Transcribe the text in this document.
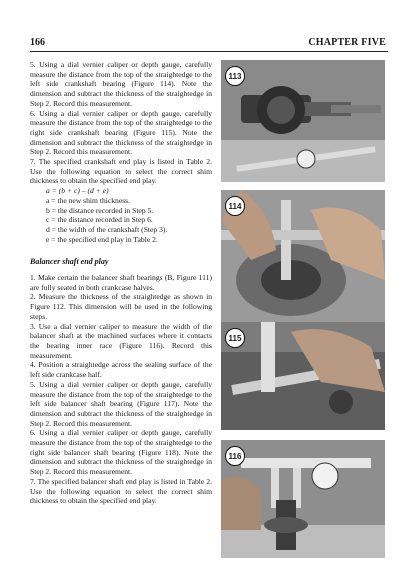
166	CHAPTER FIVE

5. Using a dial vernier caliper or depth gauge, carefully measure the distance from the top of the straightedge to the left side crankshaft bearing (Figure 114). Note the dimension and subtract the thickness of the straightedge in Step 2. Record this measurement.

6. Using a dial vernier caliper or depth gauge, carefully measure the distance from the top of the straightedge to the right side crankshaft bearing (Figure 115). Note the dimension and subtract the thickness of the straightedge in Step 2. Record this measurement.

7. The specified crankshaft end play is listed in Table 2. Use the following equation to select the correct shim thickness to obtain the specified end play.

a = (b + c) – (d + e)

a = the new shim thickness.

b = the distance recorded in Step 5.

c = the distance recorded in Step 6.

d = the width of the crankshaft (Step 3).

e = the specified end play in Table 2.

Balancer shaft end play

1. Make certain the balancer shaft bearings (B, Figure 111) are fully seated in both crankcase halves.

2. Measure the thickness of the straightedge as shown in Figure 112. This dimension will be used in the following steps.

3. Use a dial vernier caliper to measure the width of the balancer shaft at the machined surfaces where it contacts the bearing inner race (Figure 116). Record this measurement.

4. Position a straightedge across the sealing surface of the left side crankcase half.

5. Using a dial vernier caliper or depth gauge, carefully measure the distance from the top of the straightedge to the left side balancer shaft bearing (Figure 117). Note the dimension and subtract the thickness of the straightedge in Step 2. Record this measurement.

6. Using a dial vernier caliper or depth gauge, carefully measure the distance from the top of the straightedge to the right side balancer shaft bearing (Figure 118). Note the dimension and subtract the thickness of the straightedge in Step 2. Record this measurement.

7. The specified balancer shaft end play is listed in Table 2. Use the following equation to select the correct shim thickness to obtain the specified end play.

113
114
115
116
